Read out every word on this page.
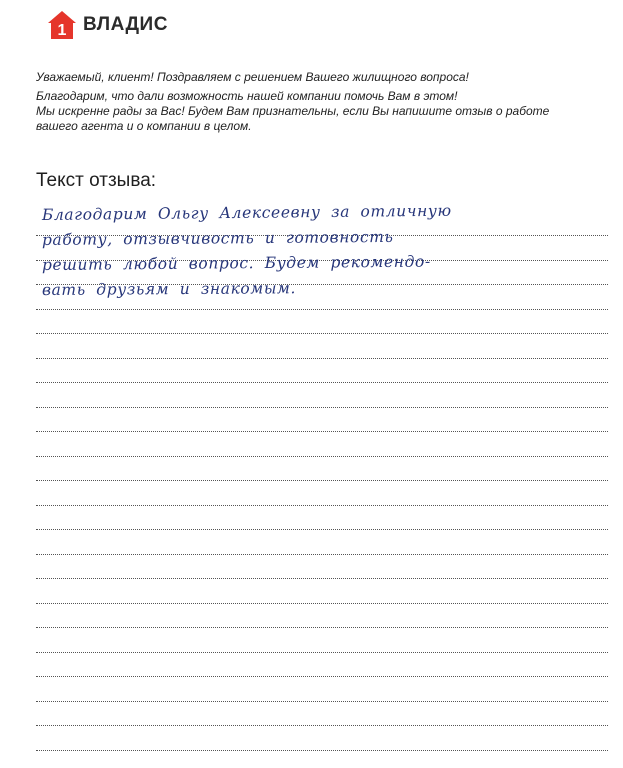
1 ВЛАДИС

Уважаемый, клиент! Поздравляем с решением Вашего жилищного вопроса!

Благодарим, что дали возможность нашей компании помочь Вам в этом!

Мы искренне рады за Вас! Будем Вам признательны, если Вы напишите отзыв о работе

вашего агента и о компании в целом.

Текст отзыва:
Благодарим Ольгу Алексеевну за отличную
работу, отзывчивость и готовность
решить любой вопрос. Будем рекомендо-
вать друзьям и знакомым.
